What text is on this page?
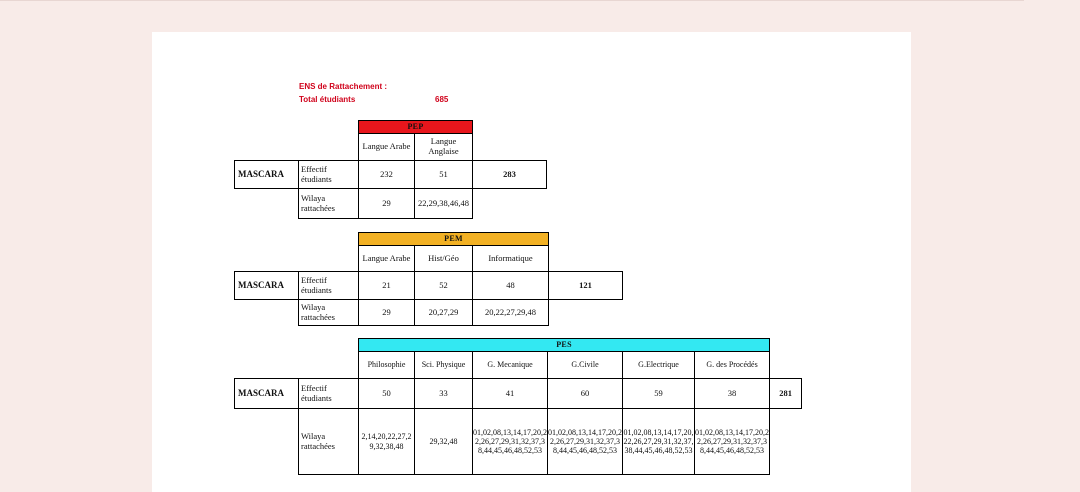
ENS de Rattachement :
Total étudiants	685
		PEP		
		Langue Arabe	Langue Anglaise	
MASCARA	Effectif étudiants	232	51	283
	Wilaya rattachées	29	22,29,38,46,48	
		PEM			
		Langue Arabe	Hist/Géo	Informatique	
MASCARA	Effectif étudiants	21	52	48	121
	Wilaya rattachées	29	20,27,29	20,22,27,29,48	
		PES						
		Philosophie	Sci. Physique	G. Mecanique	G.Civile	G.Electrique	G. des Procédés	
MASCARA	Effectif étudiants	50	33	41	60	59	38	281
	Wilaya rattachées	2,14,20,22,27,29,32,38,48	29,32,48	01,02,08,13,14,17,20,22,26,27,29,31,32,37,38,44,45,46,48,52,53	01,02,08,13,14,17,20,22,26,27,29,31,32,37,38,44,45,46,48,52,53	01,02,08,13,14,17,20,22,26,27,29,31,32,37,38,44,45,46,48,52,53	01,02,08,13,14,17,20,22,26,27,29,31,32,37,38,44,45,46,48,52,53	
